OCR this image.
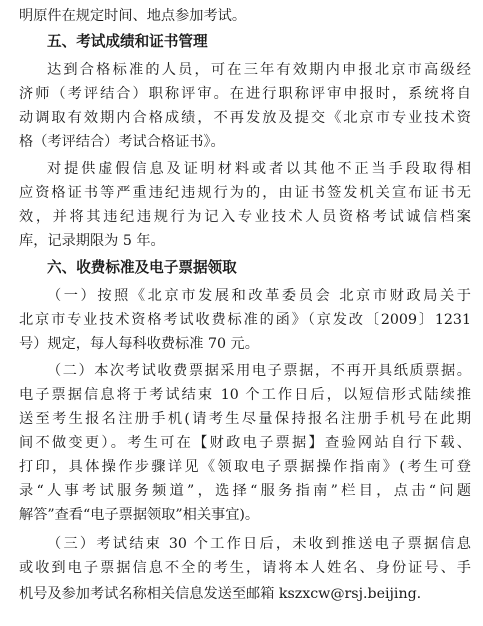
明原件在规定时间、地点参加考试。
五、考试成绩和证书管理
达到合格标准的人员，可在三年有效期内申报北京市高级经
济师（考评结合）职称评审。在进行职称评审申报时，系统将自
动调取有效期内合格成绩，不再发放及提交《北京市专业技术资
格（考评结合）考试合格证书》。
对提供虚假信息及证明材料或者以其他不正当手段取得相
应资格证书等严重违纪违规行为的，由证书签发机关宣布证书无
效，并将其违纪违规行为记入专业技术人员资格考试诚信档案
库，记录期限为 5 年。
六、收费标准及电子票据领取
（一）按照《北京市发展和改革委员会 北京市财政局关于
北京市专业技术资格考试收费标准的函》（京发改〔2009〕1231
号）规定，每人每科收费标准 70 元。
（二）本次考试收费票据采用电子票据，不再开具纸质票据。
电子票据信息将于考试结束 10 个工作日后，以短信形式陆续推
送至考生报名注册手机(请考生尽量保持报名注册手机号在此期
间不做变更）。考生可在【财政电子票据】查验网站自行下载、
打印，具体操作步骤详见《领取电子票据操作指南》(考生可登
录“人事考试服务频道”，选择“服务指南”栏目，点击“问题
解答”查看“电子票据领取”相关事宜)。
（三）考试结束 30 个工作日后，未收到推送电子票据信息
或收到电子票据信息不全的考生，请将本人姓名、身份证号、手
机号及参加考试名称相关信息发送至邮箱 kszxcw@rsj.beijing.
